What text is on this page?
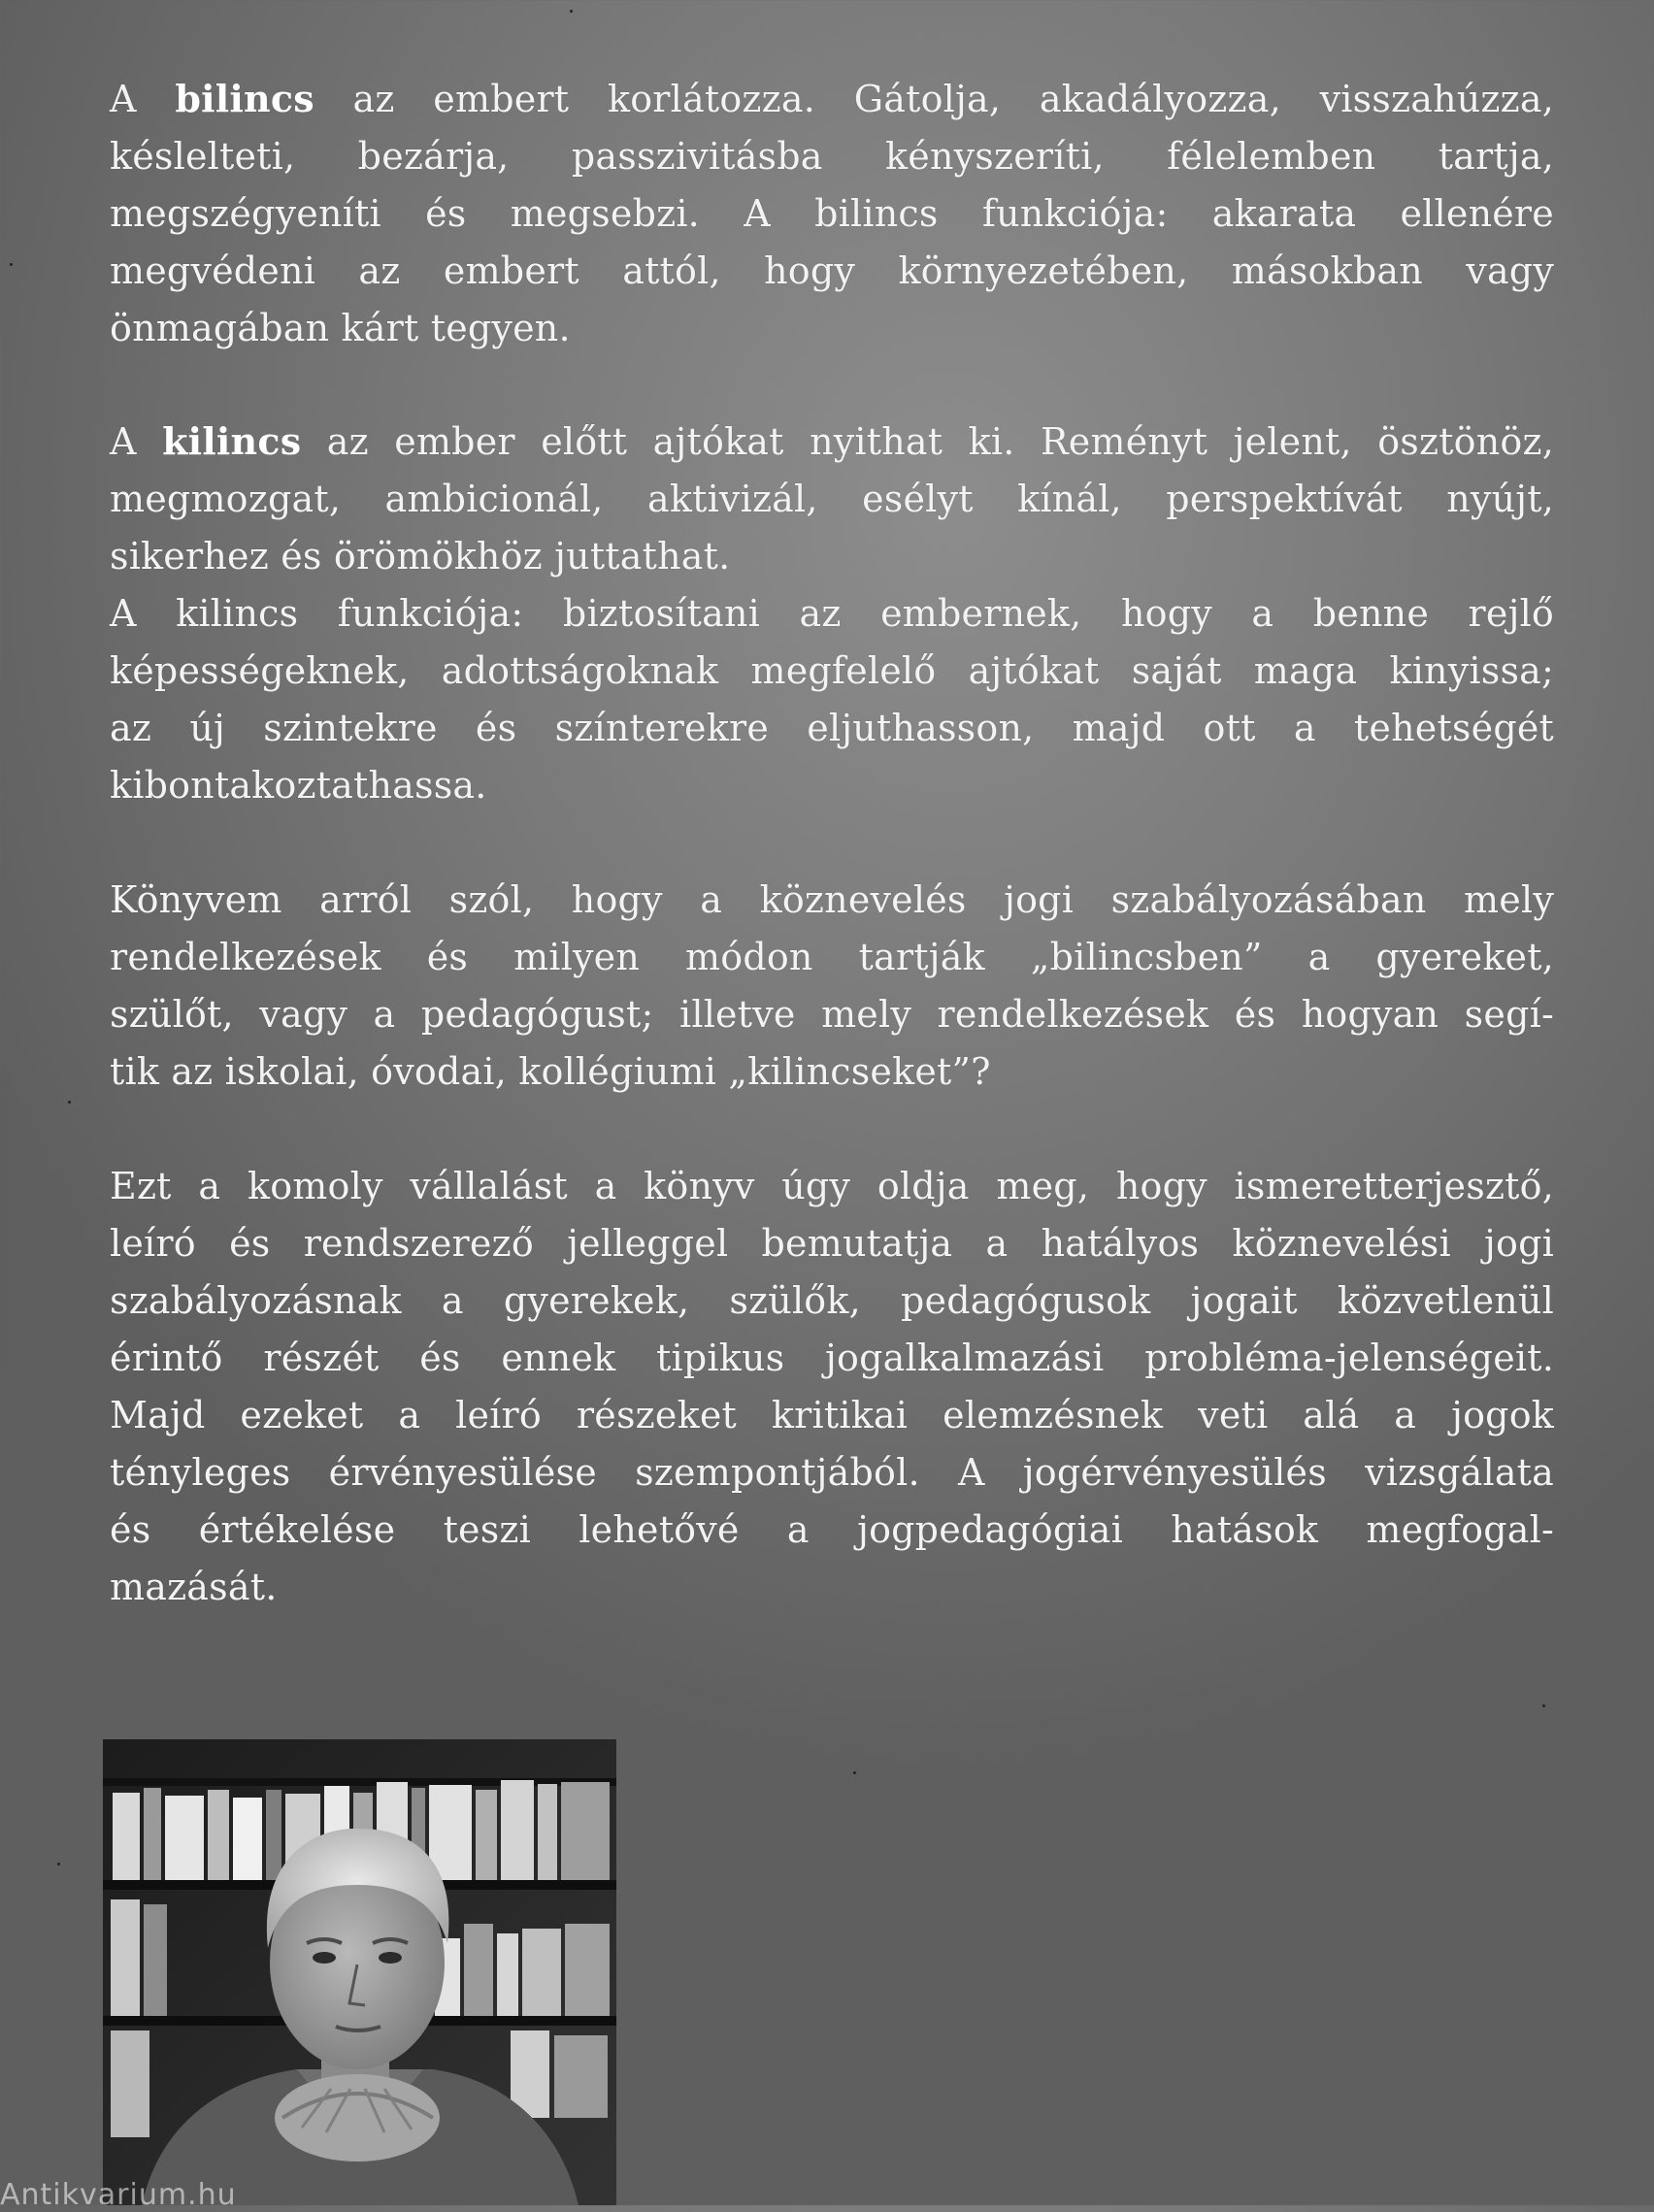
A bilincs az embert korlátozza. Gátolja, akadályozza, visszahúzza,
késlelteti, bezárja, passzivitásba kényszeríti, félelemben tartja,
megszégyeníti és megsebzi. A bilincs funkciója: akarata ellenére
megvédeni az embert attól, hogy környezetében, másokban vagy
önmagában kárt tegyen.
A kilincs az ember előtt ajtókat nyithat ki. Reményt jelent, ösztönöz,
megmozgat, ambicionál, aktivizál, esélyt kínál, perspektívát nyújt,
sikerhez és örömökhöz juttathat.
A kilincs funkciója: biztosítani az embernek, hogy a benne rejlő
képességeknek, adottságoknak megfelelő ajtókat saját maga kinyissa;
az új szintekre és színterekre eljuthasson, majd ott a tehetségét
kibontakoztathassa.
Könyvem arról szól, hogy a köznevelés jogi szabályozásában mely
rendelkezések és milyen módon tartják „bilincsben” a gyereket,
szülőt, vagy a pedagógust; illetve mely rendelkezések és hogyan segí-
tik az iskolai, óvodai, kollégiumi „kilincseket”?
Ezt a komoly vállalást a könyv úgy oldja meg, hogy ismeretterjesztő,
leíró és rendszerező jelleggel bemutatja a hatályos köznevelési jogi
szabályozásnak a gyerekek, szülők, pedagógusok jogait közvetlenül
érintő részét és ennek tipikus jogalkalmazási probléma-jelenségeit.
Majd ezeket a leíró részeket kritikai elemzésnek veti alá a jogok
tényleges érvényesülése szempontjából. A jogérvényesülés vizsgálata
és értékelése teszi lehetővé a jogpedagógiai hatások megfogal-
mazását.
Antikvarium.hu
